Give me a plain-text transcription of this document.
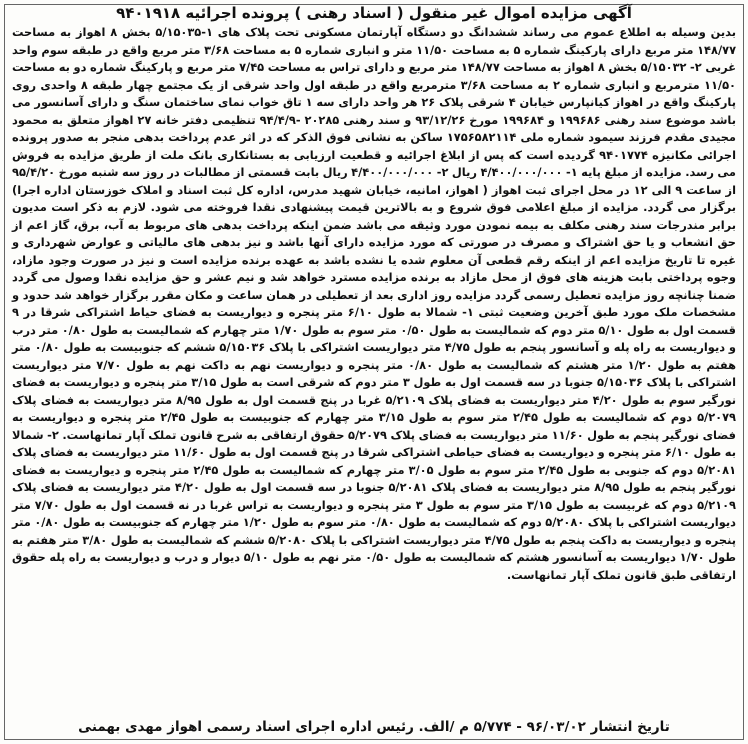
آگهی مزایده اموال غیر منقول ( اسناد رهنی ) پرونده اجرائیه ۹۴۰۱۹۱۸
بدین وسیله به اطلاع عموم می رساند ششدانگ دو دستگاه آپارتمان مسکونی تحت پلاک های ۱-۵/۱۵۰۳۵ بخش ۸ اهواز به مساحت ۱۴۸/۷۷ متر مربع دارای پارکینگ شماره ۵ به مساحت ۱۱/۵۰ متر و انباری شماره ۵ به مساحت ۳/۶۸ متر مربع واقع در طبقه سوم واحد غربی ۲- ۵/۱۵۰۳۲ بخش ۸ اهواز به مساحت ۱۴۸/۷۷ متر مربع و دارای تراس به مساحت ۷/۴۵ متر مربع و پارکینگ شماره دو به مساحت ۱۱/۵۰ مترمربع و انباری شماره ۲ به مساحت ۳/۶۸ مترمربع واقع در طبقه اول واحد شرقی از یک مجتمع چهار طبقه ۸ واحدی روی پارکینگ واقع در اهواز کیانپارس خیابان ۴ شرقی پلاک ۲۶ هر واحد دارای سه ۱ تاق خواب نمای ساختمان سنگ و دارای آسانسور می باشد موضوع سند رهنی ۱۹۹۶۸۶ و ۱۹۹۶۸۴ مورخ ۹۳/۱۲/۲۶ و سند رهنی ۲۰۲۸۵ -۹۴/۴/۹ تنظیمی دفتر خانه ۲۷ اهواز متعلق به محمود مجیدی مقدم فرزند سیمود شماره ملی ۱۷۵۶۵۸۲۱۱۴ ساکن به نشانی فوق الذکر که در اثر عدم پرداخت بدهی منجر به صدور پرونده اجرائی مکانیزه ۹۴۰۱۷۷۴ گردیده است که پس از ابلاغ اجرائیه و قطعیت ارزیابی به بستانکاری بانک ملت از طریق مزایده به فروش می رسد. مزایده از مبلغ پایه ۱- ۴/۴۰۰/۰۰۰/۰۰۰ ریال ۲- ۴/۴۰۰/۰۰۰/۰۰۰ ریال بابت قسمتی از مطالبات در روز سه شنبه مورخ ۹۵/۴/۲۰ از ساعت ۹ الی ۱۲ در محل اجرای ثبت اهواز ( اهواز، امانیه، خیابان شهید مدرس، اداره کل ثبت اسناد و املاک خوزستان اداره اجرا) برگزار می گردد. مزایده از مبلغ اعلامی فوق شروع و به بالاترین قیمت پیشنهادی نقدا فروخته می شود. لازم به ذکر است مدیون برابر مندرجات سند رهنی مکلف به بیمه نمودن مورد وثیقه می باشد ضمن اینکه پرداخت بدهی های مربوط به آب، برق، گاز اعم از حق انشعاب و یا حق اشتراک و مصرف در صورتی که مورد مزایده دارای آنها باشد و نیز بدهی های مالیاتی و عوارض شهرداری و غیره تا تاریخ مزایده اعم از اینکه رقم قطعی آن معلوم شده یا نشده باشد به عهده برنده مزایده است و نیز در صورت وجود مازاد، وجوه پرداختی بابت هزینه های فوق از محل مازاد به برنده مزایده مسترد خواهد شد و نیم عشر و حق مزایده نقدا وصول می گردد ضمنا چنانچه روز مزایده تعطیل رسمی گردد مزایده روز اداری بعد از تعطیلی در همان ساعت و مکان مقرر برگزار خواهد شد حدود و مشخصات ملک مورد طبق آخرین وضعیت ثبتی ۱- شمالا به طول ۶/۱۰ متر پنجره و دیواریست به فضای حیاط اشتراکی شرقا در ۹ قسمت اول به طول ۵/۱۰ متر دوم که شمالیست به طول ۰/۵۰ متر سوم به طول ۱/۷۰ متر چهارم که شمالیست به طول ۰/۸۰ متر درب و دیواریست به راه پله و آسانسور پنجم به طول ۴/۷۵ متر دیواریست اشتراکی با پلاک ۵/۱۵۰۳۶ ششم که جنوبیست به طول ۰/۸۰ متر هفتم به طول ۱/۲۰ متر هشتم که شمالیست به طول ۰/۸۰ متر پنجره و دیواریست نهم به داکت نهم به طول ۷/۷۰ متر دیواریست اشتراکی با پلاک ۵/۱۵۰۳۶ جنوبا در سه قسمت اول به طول ۳ متر دوم که شرقی است به طول ۳/۱۵ متر پنجره و دیواریست به فضای نورگیر سوم به طول ۴/۲۰ متر دیواریست به فضای پلاک ۵/۲۱۰۹ غربا در پنج قسمت اول به طول ۸/۹۵ متر دیواریست به فضای پلاک ۵/۲۰۷۹ دوم که شمالیست به طول ۲/۴۵ متر سوم به طول ۳/۱۵ متر چهارم که جنوبیست به طول ۲/۴۵ متر پنجره و دیواریست به فضای نورگیر پنجم به طول ۱۱/۶۰ متر دیواریست به فضای پلاک ۵/۲۰۷۹ حقوق ارتفاقی به شرح قانون تملک آپار تمانهاست. ۲- شمالا به طول ۶/۱۰ متر پنجره و دیواریست به فضای حیاطی اشتراکی شرقا در پنج قسمت اول به طول ۱۱/۶۰ متر دیواریست به فضای پلاک ۵/۲۰۸۱ دوم که جنوبی به طول ۲/۴۵ متر سوم به طول ۳/۰۵ متر چهارم که شمالیست به طول ۲/۴۵ متر پنجره و دیواریست به فضای نورگیر پنجم به طول ۸/۹۵ متر دیواریست به فضای پلاک ۵/۲۰۸۱ جنوبا در سه قسمت اول به طول ۴/۲۰ متر دیواریست به فضای پلاک ۵/۲۱۰۹ دوم که غربیست به طول ۳/۱۵ متر سوم به طول ۳ متر پنجره و دیواریست به تراس غربا در نه قسمت اول به طول ۷/۷۰ متر دیواریست اشتراکی با پلاک ۵/۲۰۸۰ دوم که شمالیست به طول ۰/۸۰ متر سوم به طول ۱/۲۰ متر چهارم که جنوبیست به طول ۰/۸۰ متر پنجره و دیواریست به داکت پنجم به طول ۴/۷۵ متر دیواریست اشتراکی با پلاک ۵/۲۰۸۰ ششم که شمالیست به طول ۳/۸۰ متر هفتم به طول ۱/۷۰ دیواریست به آسانسور هشتم که شمالیست به طول ۰/۵۰ متر نهم به طول ۵/۱۰ دیوار و درب و دیواریست به راه پله حقوق ارتفاقی طبق قانون تملک آپار تمانهاست.
تاریخ انتشار ۹۶/۰۳/۰۲ - ۵/۷۷۴ م /الف. رئیس اداره اجرای اسناد رسمی اهواز مهدی بهمنی
